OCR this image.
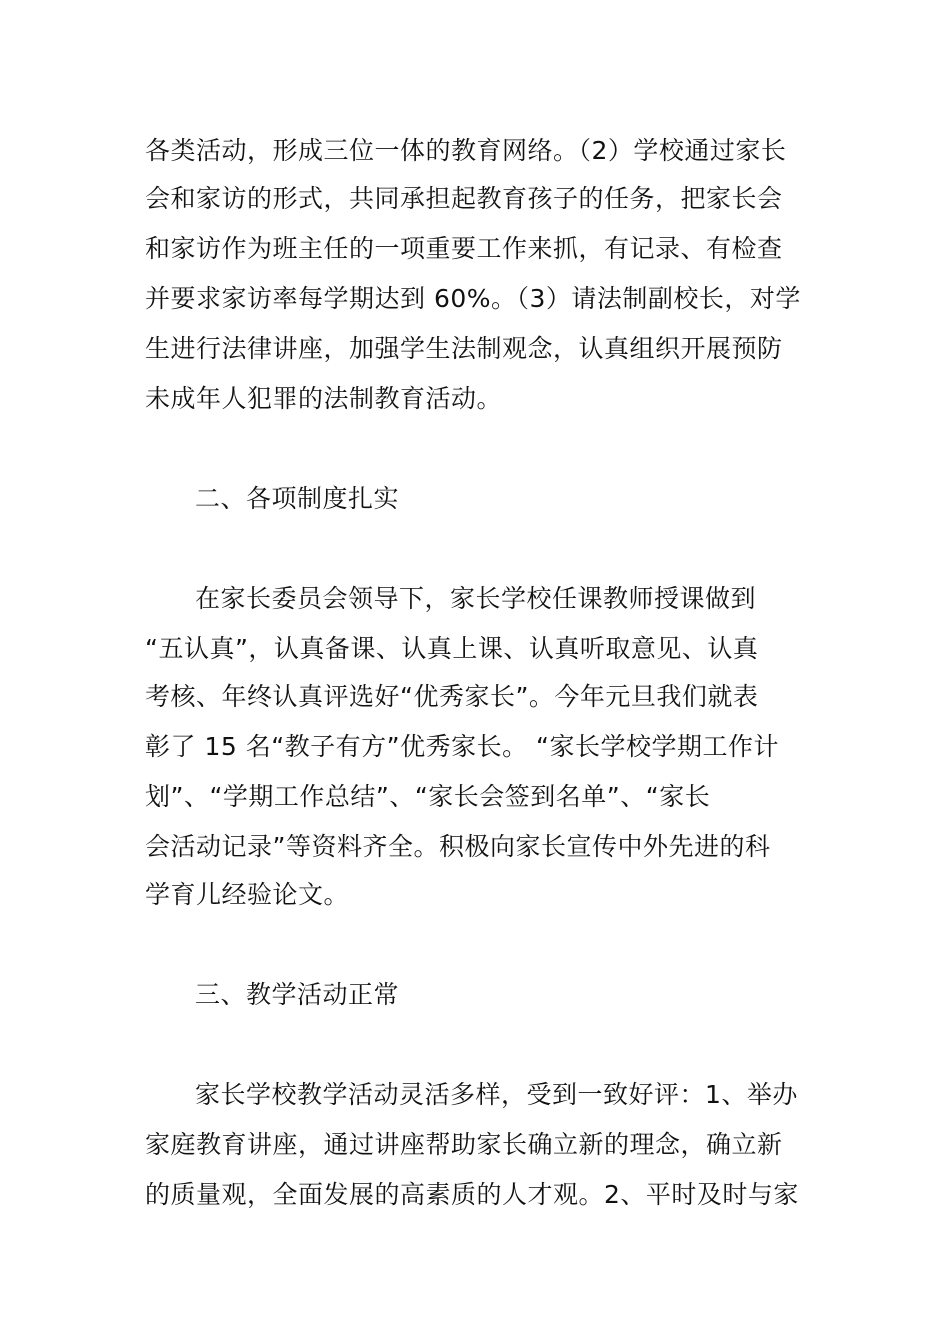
各类活动，形成三位一体的教育网络。（2）学校通过家长
会和家访的形式，共同承担起教育孩子的任务，把家长会
和家访作为班主任的一项重要工作来抓，有记录、有检查
并要求家访率每学期达到 60%。（3）请法制副校长，对学
生进行法律讲座，加强学生法制观念，认真组织开展预防
未成年人犯罪的法制教育活动。
二、各项制度扎实
在家长委员会领导下，家长学校任课教师授课做到
“五认真”，认真备课、认真上课、认真听取意见、认真
考核、年终认真评选好“优秀家长”。今年元旦我们就表
彰了 15 名“教子有方”优秀家长。 “家长学校学期工作计
划”、“学期工作总结”、“家长会签到名单”、“家长
会活动记录”等资料齐全。积极向家长宣传中外先进的科
学育儿经验论文。
三、教学活动正常
家长学校教学活动灵活多样，受到一致好评：1、举办
家庭教育讲座，通过讲座帮助家长确立新的理念，确立新
的质量观，全面发展的高素质的人才观。2、平时及时与家
